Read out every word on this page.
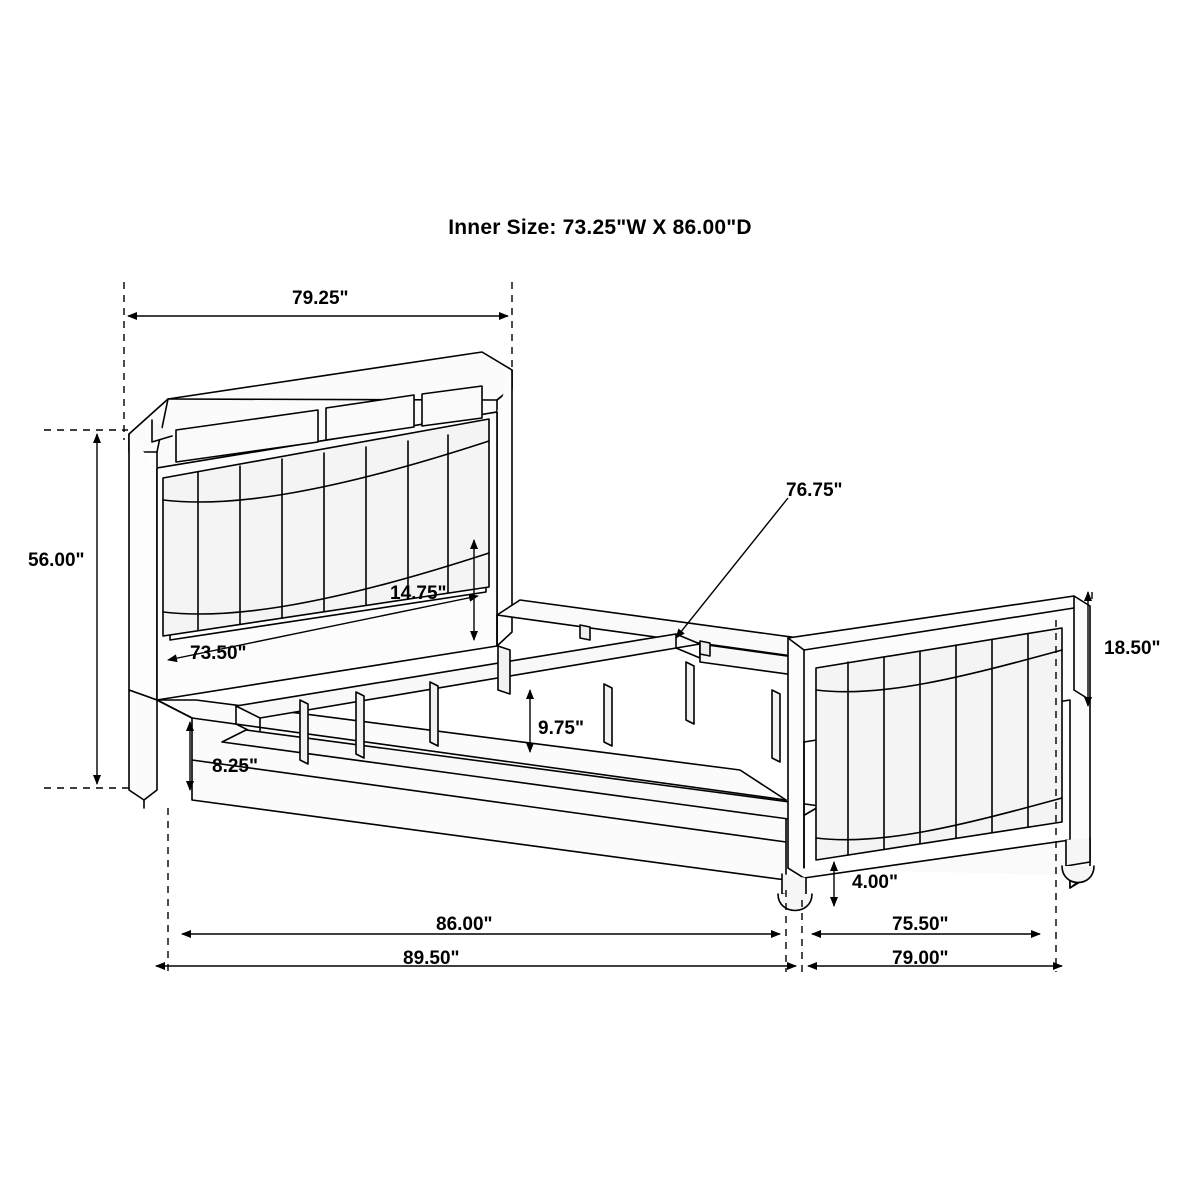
Inner Size: 73.25"W X 86.00"D
79.25"
56.00"
14.75"
73.50"
8.25"
9.75"
76.75"
18.50"
4.00"
86.00"
89.50"
75.50"
79.00"
